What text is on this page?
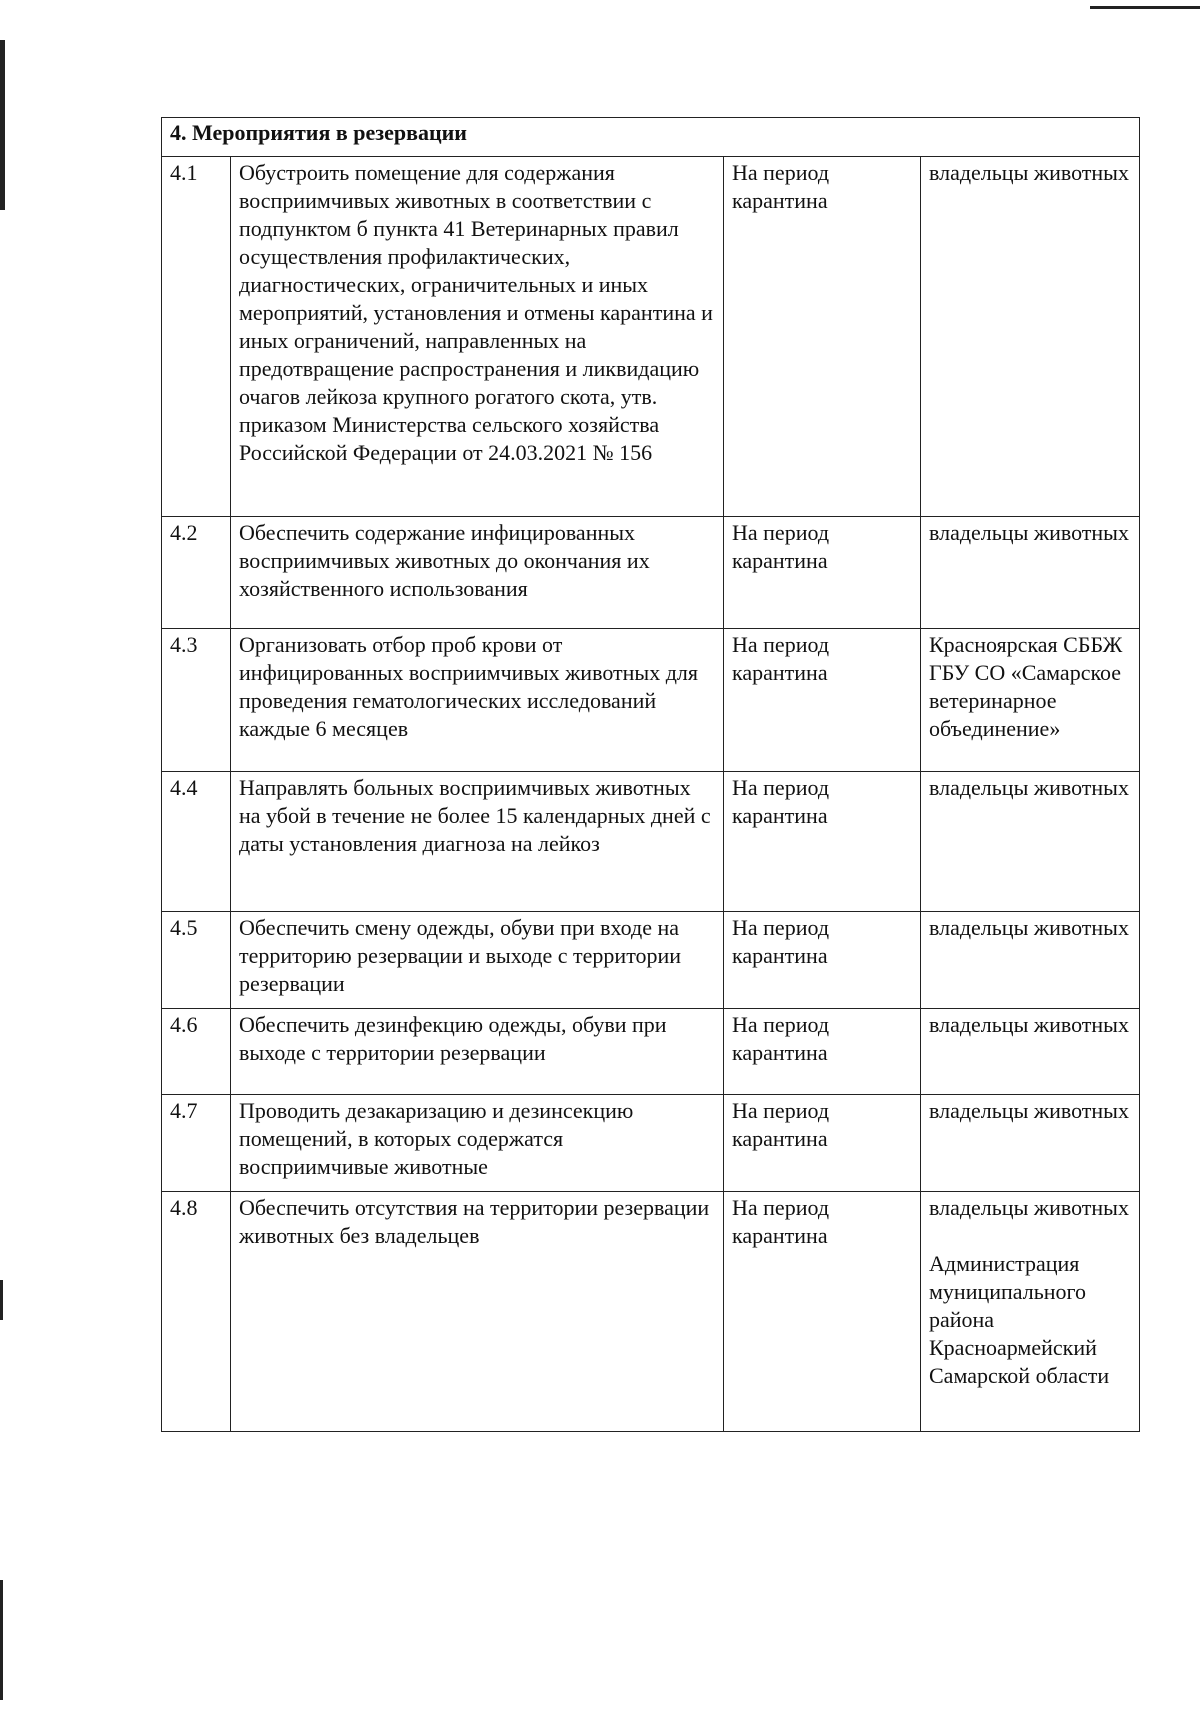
4. Мероприятия в резервации			
4.1	Обустроить помещение для содержания восприимчивых животных в соответствии с подпунктом б пункта 41 Ветеринарных правил осуществления профилактических, диагностических, ограничительных и иных мероприятий, установления и отмены карантина и иных ограничений, направленных на предотвращение распространения и ликвидацию очагов лейкоза крупного рогатого скота, утв. приказом Министерства сельского хозяйства Российской Федерации от 24.03.2021 № 156	На период карантина	владельцы животных

4.2	Обеспечить содержание инфицированных восприимчивых животных до окончания их хозяйственного использования	На период карантина	владельцы животных

4.3	Организовать отбор проб крови от инфицированных восприимчивых животных для проведения гематологических исследований каждые 6 месяцев	На период карантина	Красноярская СББЖ ГБУ СО «Самарское ветеринарное объединение»

4.4	Направлять больных восприимчивых животных на убой в течение не более 15 календарных дней с даты установления диагноза на лейкоз	На период карантина	владельцы животных

4.5	Обеспечить смену одежды, обуви при входе на территорию резервации и выходе с территории резервации	На период карантина	владельцы животных

4.6	Обеспечить дезинфекцию одежды, обуви при выходе с территории резервации	На период карантина	владельцы животных

4.7	Проводить дезакаризацию и дезинсекцию помещений, в которых содержатся восприимчивые животные	На период карантина	владельцы животных

4.8	Обеспечить отсутствия на территории резервации животных без владельцев	На период карантина	владельцы животных
Администрация муниципального района Красноармейский Самарской области
